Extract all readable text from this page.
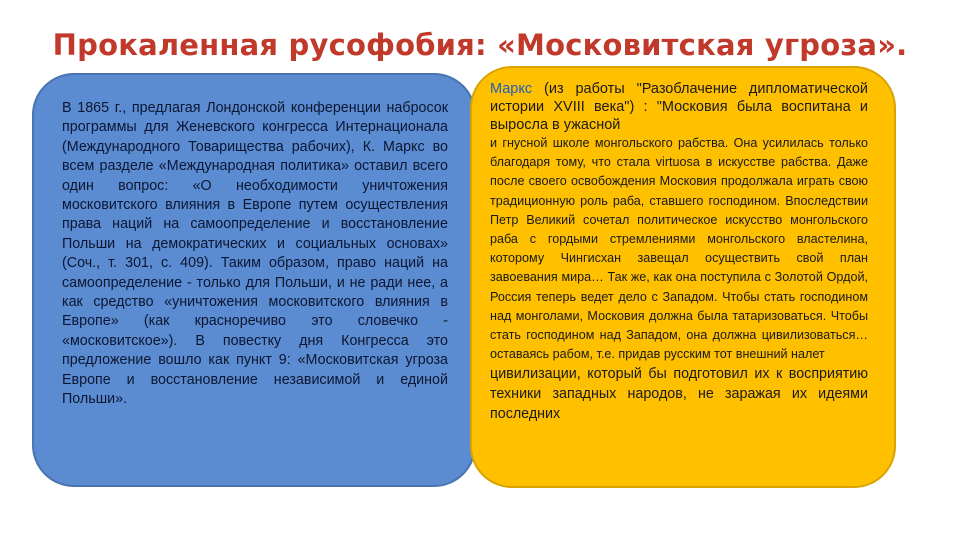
Прокаленная русофобия: «Московитская угроза».

В 1865 г., предлагая Лондонской конференции набросок программы для Женевского конгресса Интернационала (Международного Товарищества рабочих), К. Маркс во всем разделе «Международная политика» оставил всего один вопрос: «О необходимости уничтожения московитского влияния в Европе путем осуществления права наций на самоопределение и восстановление Польши на демократических и социальных основах» (Соч., т. 301, с. 409). Таким образом, право наций на самоопределение - только для Польши, и не ради нее, а как средство «уничтожения московитского влияния в Европе» (как красноречиво это словечко - «московитское»). В повестку дня Конгресса это предложение вошло как пункт 9: «Московитская угроза Европе и восстановление независимой и единой Польши».

Маркс (из работы "Разоблачение дипломатической истории XVIII века") : "Московия была воспитана и выросла в ужасной

и гнусной школе монгольского рабства. Она усилилась только благодаря тому, что стала virtuosa в искусстве рабства. Даже после своего освобождения Московия продолжала играть свою традиционную роль раба, ставшего господином. Впоследствии Петр Великий сочетал политическое искусство монгольского раба с гордыми стремлениями монгольского властелина, которому Чингисхан завещал осуществить свой план завоевания мира… Так же, как она поступила с Золотой Ордой, Россия теперь ведет дело с Западом. Чтобы стать господином над монголами, Московия должна была татаризоваться. Чтобы стать господином над Западом, она должна цивилизоваться… оставаясь рабом, т.е. придав русским тот внешний налет

цивилизации, который бы подготовил их к восприятию техники западных народов, не заражая их идеями последних
